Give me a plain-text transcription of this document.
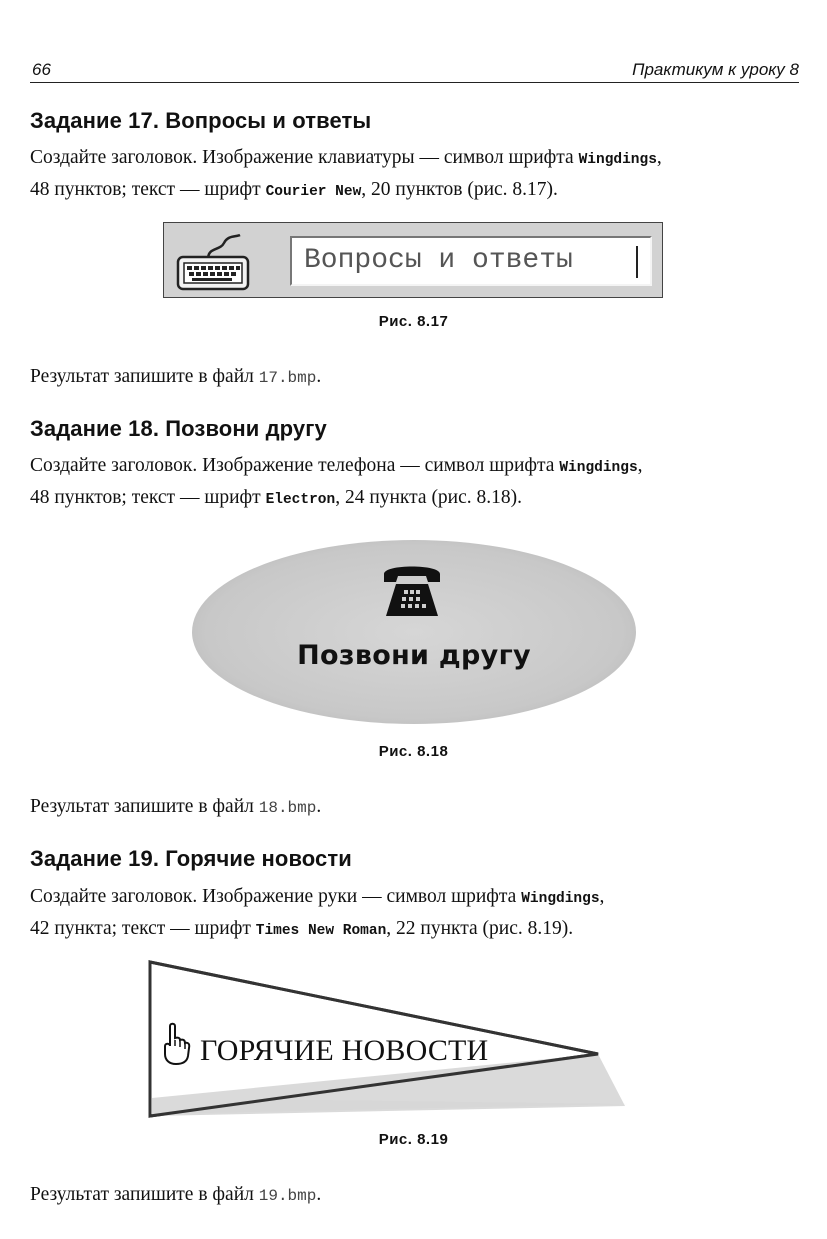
66	Практикум к уроку 8
Задание 17. Вопросы и ответы
Создайте заголовок. Изображение клавиатуры — символ шрифта Wingdings,
48 пунктов; текст — шрифт Courier New, 20 пунктов (рис. 8.17).
Вопросы и ответы
Рис. 8.17
Результат запишите в файл 17.bmp.
Задание 18. Позвони другу
Создайте заголовок. Изображение телефона — символ шрифта Wingdings,
48 пунктов; текст — шрифт Electron, 24 пункта (рис. 8.18).
Позвони другу
Рис. 8.18
Результат запишите в файл 18.bmp.
Задание 19. Горячие новости
Создайте заголовок. Изображение руки — символ шрифта Wingdings,
42 пункта; текст — шрифт Times New Roman, 22 пункта (рис. 8.19).
ГОРЯЧИЕ НОВОСТИ
Рис. 8.19
Результат запишите в файл 19.bmp.
